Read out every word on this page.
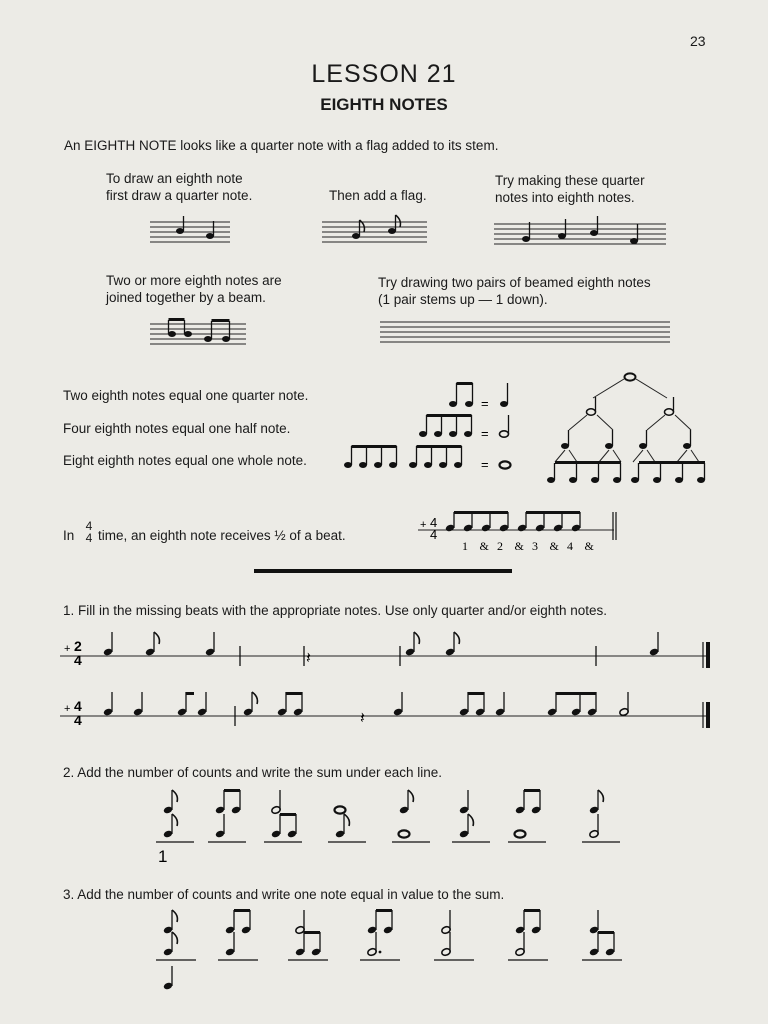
23
LESSON 21
EIGHTH NOTES
An EIGHTH NOTE looks like a quarter note with a flag added to its stem.
To draw an eighth note
first draw a quarter note.	Then add a flag.
Try making these quarter
notes into eighth notes.
Two or more eighth notes are
joined together by a beam.
Try drawing two pairs of beamed eighth notes
(1 pair stems up — 1 down).
Two eighth notes equal one quarter note.
Four eighth notes equal one half note.
Eight eighth notes equal one whole note.
=
=
=
In
4
4 time, an eighth note receives ½ of a beat.
+ 4
4
1 & 2 & 3 & 4 &
1. Fill in the missing beats with the appropriate notes. Use only quarter and/or eighth notes.
+ 2
4	𝄽
+ 4
4	𝄽
2. Add the number of counts and write the sum under each line.
1
3. Add the number of counts and write one note equal in value to the sum.
